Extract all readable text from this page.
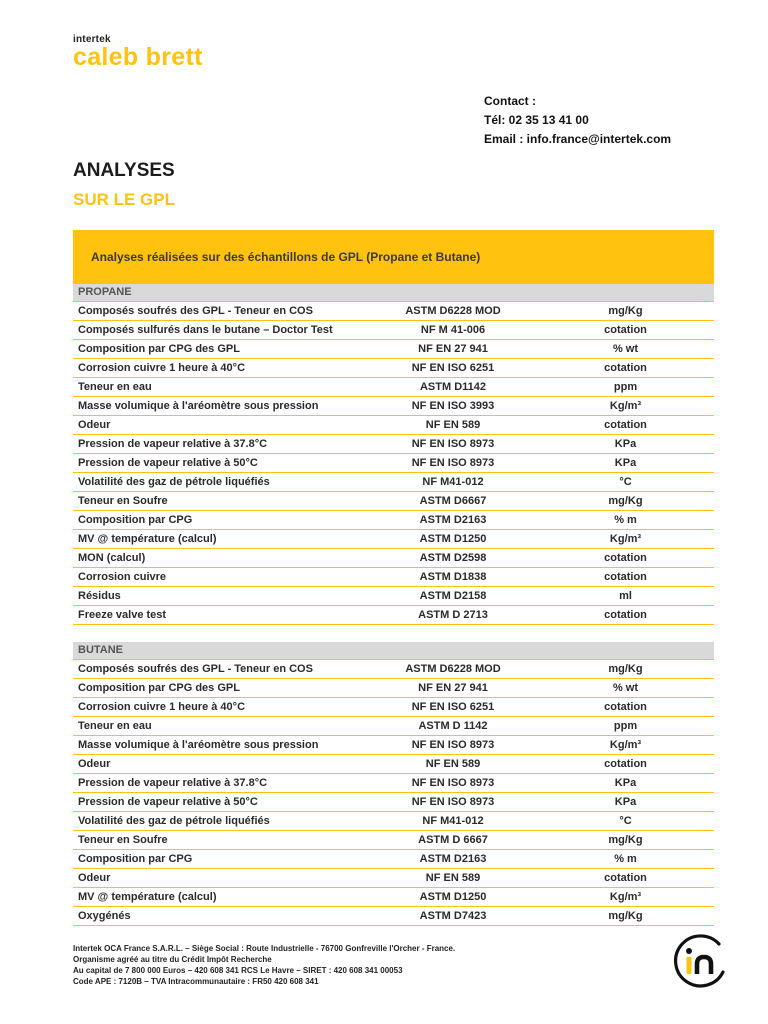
intertek
caleb brett
Contact :
Tél: 02 35 13 41 00
Email : info.france@intertek.com
ANALYSES
SUR LE GPL
Analyses réalisées sur des échantillons de GPL (Propane et Butane)
PROPANE
Composés soufrés des GPL - Teneur en COS	ASTM D6228 MOD	mg/Kg
Composés sulfurés dans le butane – Doctor Test	NF M 41-006	cotation
Composition par CPG des GPL	NF EN 27 941	% wt
Corrosion cuivre 1 heure à 40°C	NF EN ISO 6251	cotation
Teneur en eau	ASTM D1142	ppm
Masse volumique à l'aréomètre sous pression	NF EN ISO 3993	Kg/m³
Odeur	NF EN 589	cotation
Pression de vapeur relative à 37.8°C	NF EN ISO 8973	KPa
Pression de vapeur relative à 50°C	NF EN ISO 8973	KPa
Volatilité des gaz de pétrole liquéfiés	NF M41-012	°C
Teneur en Soufre	ASTM D6667	mg/Kg
Composition par CPG	ASTM D2163	% m
MV @ température (calcul)	ASTM D1250	Kg/m³
MON (calcul)	ASTM D2598	cotation
Corrosion cuivre	ASTM D1838	cotation
Résidus	ASTM D2158	ml
Freeze valve test	ASTM D 2713	cotation
BUTANE
Composés soufrés des GPL - Teneur en COS	ASTM D6228 MOD	mg/Kg
Composition par CPG des GPL	NF EN 27 941	% wt
Corrosion cuivre 1 heure à 40°C	NF EN ISO 6251	cotation
Teneur en eau	ASTM D 1142	ppm
Masse volumique à l'aréomètre sous pression	NF EN ISO 8973	Kg/m³
Odeur	NF EN 589	cotation
Pression de vapeur relative à 37.8°C	NF EN ISO 8973	KPa
Pression de vapeur relative à 50°C	NF EN ISO 8973	KPa
Volatilité des gaz de pétrole liquéfiés	NF M41-012	°C
Teneur en Soufre	ASTM D 6667	mg/Kg
Composition par CPG	ASTM D2163	% m
Odeur	NF EN 589	cotation
MV @ température (calcul)	ASTM D1250	Kg/m³
Oxygénés	ASTM D7423	mg/Kg
Intertek OCA France S.A.R.L. – Siège Social : Route Industrielle - 76700 Gonfreville l'Orcher - France.
Organisme agréé au titre du Crédit Impôt Recherche
Au capital de 7 800 000 Euros – 420 608 341 RCS Le Havre – SIRET : 420 608 341 00053
Code APE : 7120B – TVA Intracommunautaire : FR50 420 608 341
